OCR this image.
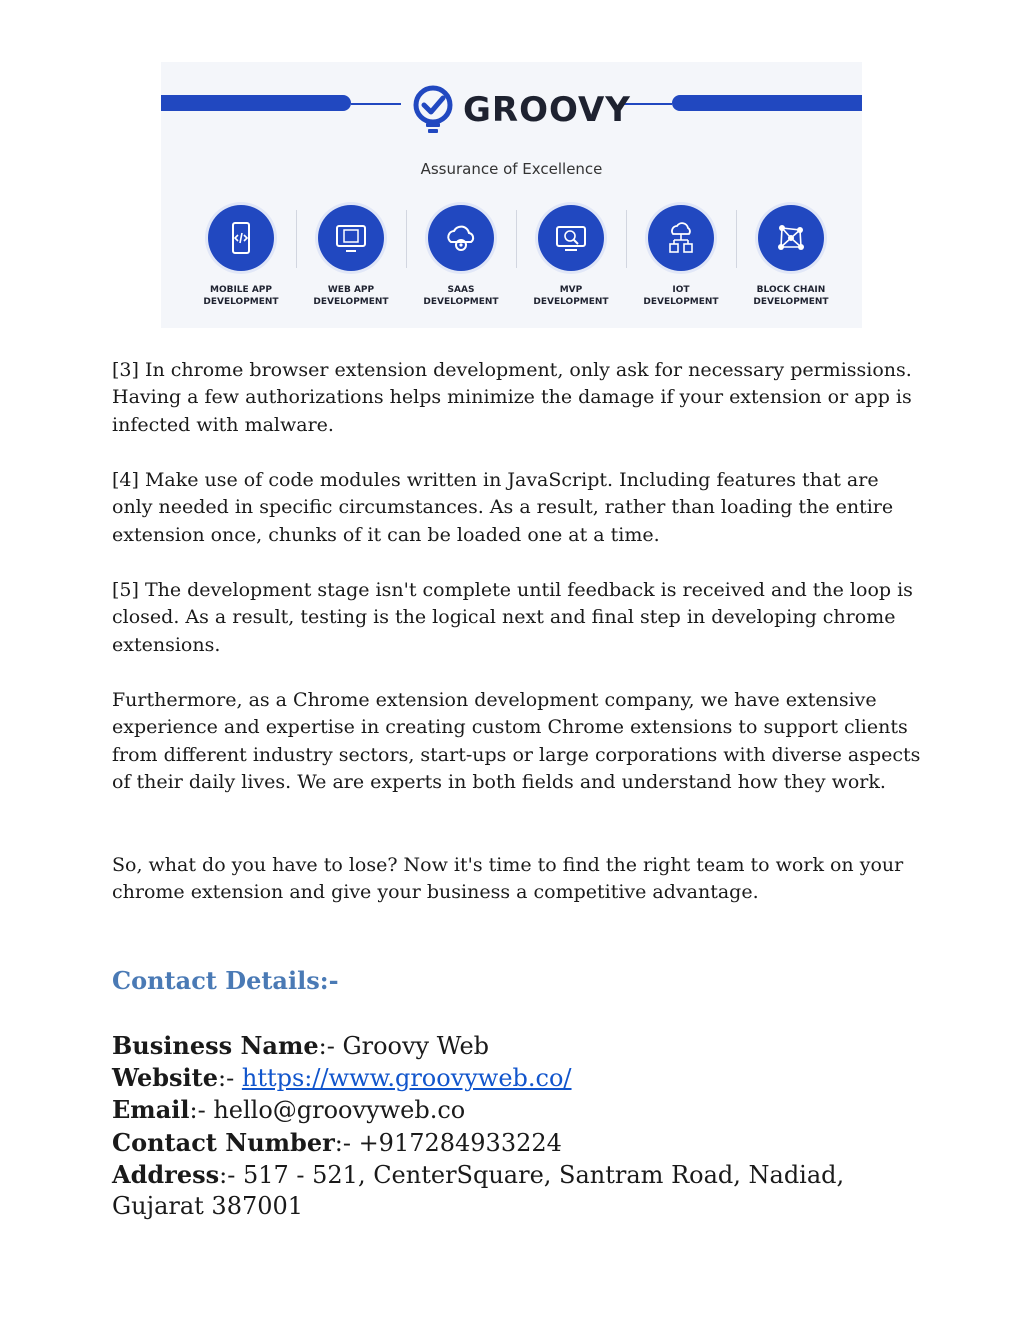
GROOVY
Assurance of Excellence
MOBILE APP
DEVELOPMENT
WEB APP
DEVELOPMENT
SAAS
DEVELOPMENT
MVP
DEVELOPMENT
IOT
DEVELOPMENT
BLOCK CHAIN
DEVELOPMENT

[3] In chrome browser extension development, only ask for necessary permissions. Having a few authorizations helps minimize the damage if your extension or app is infected with malware.

[4] Make use of code modules written in JavaScript. Including features that are only needed in specific circumstances. As a result, rather than loading the entire extension once, chunks of it can be loaded one at a time.

[5] The development stage isn't complete until feedback is received and the loop is closed. As a result, testing is the logical next and final step in developing chrome extensions.

Furthermore, as a Chrome extension development company, we have extensive experience and expertise in creating custom Chrome extensions to support clients from different industry sectors, start-ups or large corporations with diverse aspects of their daily lives. We are experts in both fields and understand how they work.

So, what do you have to lose? Now it's time to find the right team to work on your chrome extension and give your business a competitive advantage.

Contact Details:-
Business Name:- Groovy Web
Website:- https://www.groovyweb.co/
Email:- hello@groovyweb.co
Contact Number:- +917284933224
Address:- 517 - 521, CenterSquare, Santram Road, Nadiad, Gujarat 387001
